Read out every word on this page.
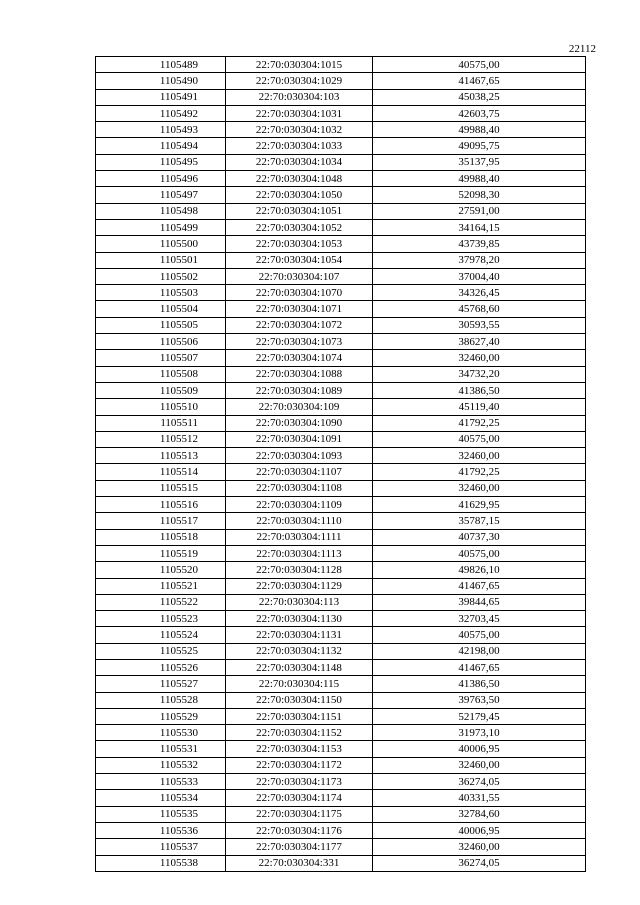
22112
1105489	22:70:030304:1015	40575,00
1105490	22:70:030304:1029	41467,65
1105491	22:70:030304:103	45038,25
1105492	22:70:030304:1031	42603,75
1105493	22:70:030304:1032	49988,40
1105494	22:70:030304:1033	49095,75
1105495	22:70:030304:1034	35137,95
1105496	22:70:030304:1048	49988,40
1105497	22:70:030304:1050	52098,30
1105498	22:70:030304:1051	27591,00
1105499	22:70:030304:1052	34164,15
1105500	22:70:030304:1053	43739,85
1105501	22:70:030304:1054	37978,20
1105502	22:70:030304:107	37004,40
1105503	22:70:030304:1070	34326,45
1105504	22:70:030304:1071	45768,60
1105505	22:70:030304:1072	30593,55
1105506	22:70:030304:1073	38627,40
1105507	22:70:030304:1074	32460,00
1105508	22:70:030304:1088	34732,20
1105509	22:70:030304:1089	41386,50
1105510	22:70:030304:109	45119,40
1105511	22:70:030304:1090	41792,25
1105512	22:70:030304:1091	40575,00
1105513	22:70:030304:1093	32460,00
1105514	22:70:030304:1107	41792,25
1105515	22:70:030304:1108	32460,00
1105516	22:70:030304:1109	41629,95
1105517	22:70:030304:1110	35787,15
1105518	22:70:030304:1111	40737,30
1105519	22:70:030304:1113	40575,00
1105520	22:70:030304:1128	49826,10
1105521	22:70:030304:1129	41467,65
1105522	22:70:030304:113	39844,65
1105523	22:70:030304:1130	32703,45
1105524	22:70:030304:1131	40575,00
1105525	22:70:030304:1132	42198,00
1105526	22:70:030304:1148	41467,65
1105527	22:70:030304:115	41386,50
1105528	22:70:030304:1150	39763,50
1105529	22:70:030304:1151	52179,45
1105530	22:70:030304:1152	31973,10
1105531	22:70:030304:1153	40006,95
1105532	22:70:030304:1172	32460,00
1105533	22:70:030304:1173	36274,05
1105534	22:70:030304:1174	40331,55
1105535	22:70:030304:1175	32784,60
1105536	22:70:030304:1176	40006,95
1105537	22:70:030304:1177	32460,00
1105538	22:70:030304:331	36274,05
